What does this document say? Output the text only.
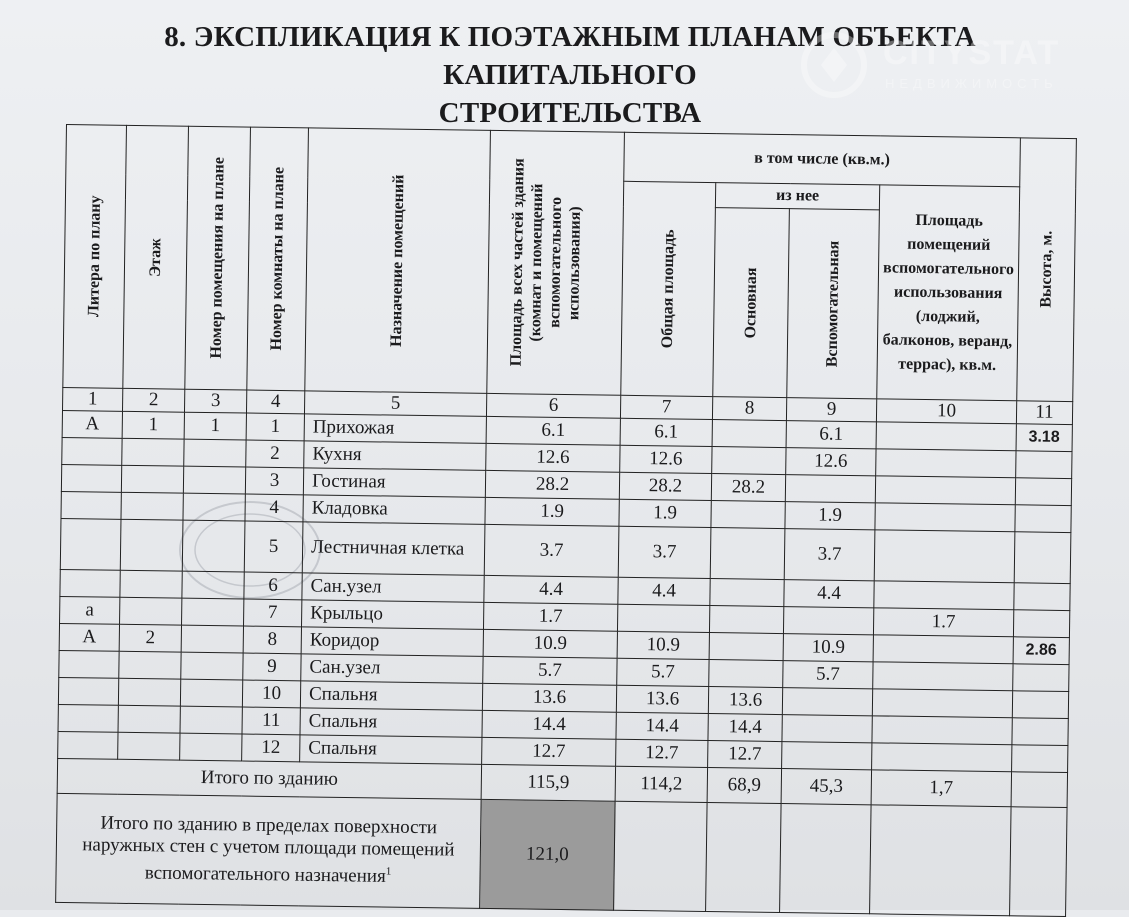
8. ЭКСПЛИКАЦИЯ К ПОЭТАЖНЫМ ПЛАНАМ ОБЪЕКТА КАПИТАЛЬНОГО
СТРОИТЕЛЬСТВА
CITYSTAT
НЕДВИЖИМОСТЬ
Литера по плану	Этаж	Номер помещения на плане	Номер комнаты на плане	Назначение помещений	Площадь всех частей здания (комнат и помещений вспомогательного использования)	в том числе (кв.м.)				Высота, м.

						Общая площадь	из нее		Площадь помещений вспомогательного использования (лоджий, балконов, веранд, террас), кв.м.	

							Основная	Вспомогательная		

1	2	3	4	5	6	7	8	9	10	11
А	1	1	1	Прихожая	6.1	6.1		6.1		3.18
			2	Кухня	12.6	12.6		12.6		
			3	Гостиная	28.2	28.2	28.2			
			4	Кладовка	1.9	1.9		1.9		
			5	Лестничная клетка	3.7	3.7		3.7		
			6	Сан.узел	4.4	4.4		4.4		
а			7	Крыльцо	1.7				1.7	
А	2		8	Коридор	10.9	10.9		10.9		2.86
			9	Сан.узел	5.7	5.7		5.7		
			10	Спальня	13.6	13.6	13.6			
			11	Спальня	14.4	14.4	14.4			
			12	Спальня	12.7	12.7	12.7			
Итого по зданию					115,9	114,2	68,9	45,3	1,7	
Итого по зданию в пределах поверхности наружных стен с учетом площади помещений вспомогательного назначения$^1$					121,0					
